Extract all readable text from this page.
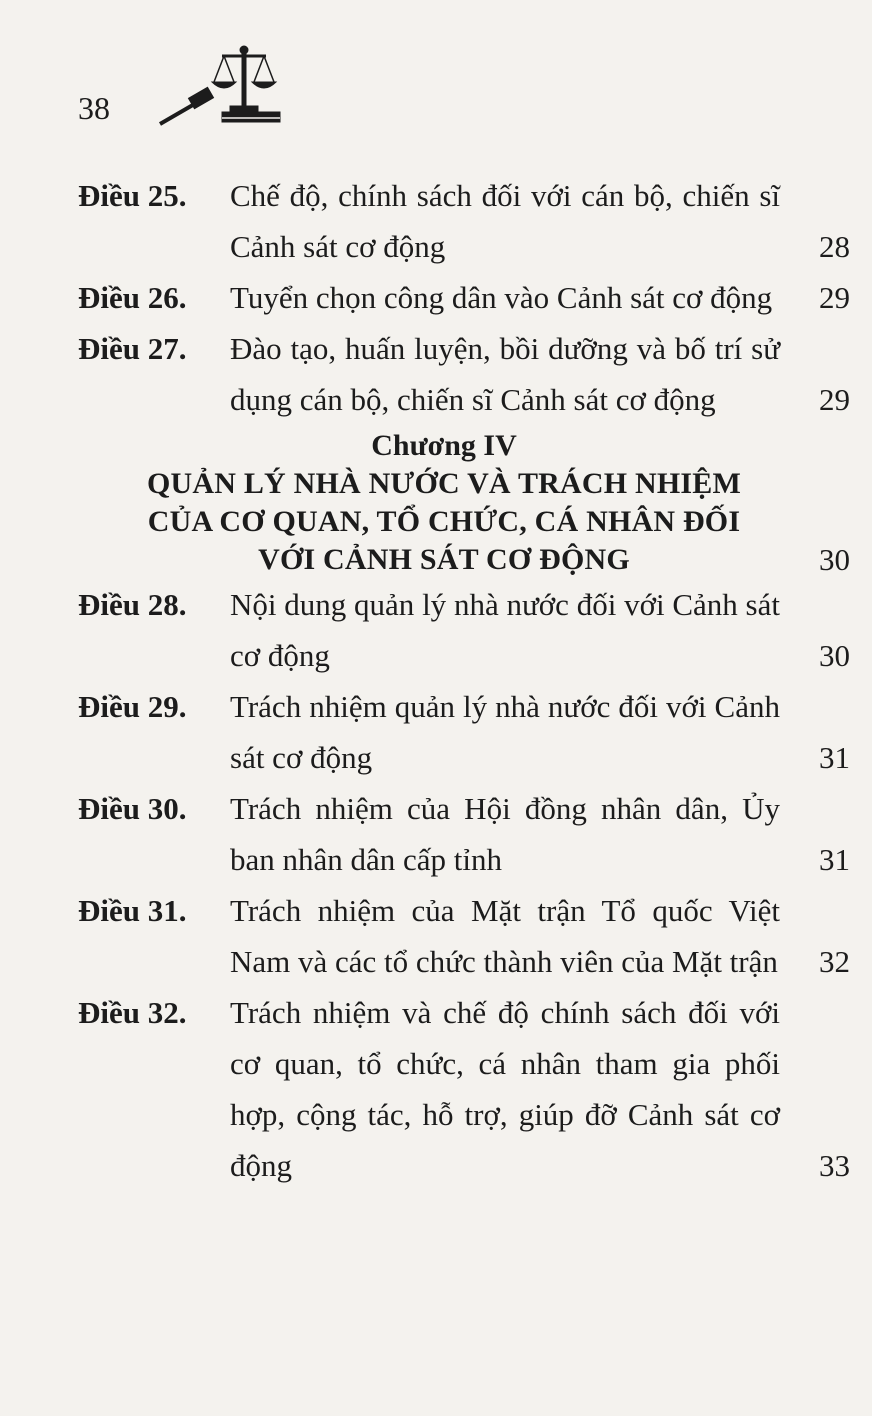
38
Điều 25.	Chế độ, chính sách đối với cán bộ, chiến sĩ Cảnh sát cơ động	28
Điều 26.	Tuyển chọn công dân vào Cảnh sát cơ động	29
Điều 27.	Đào tạo, huấn luyện, bồi dưỡng và bố trí sử dụng cán bộ, chiến sĩ Cảnh sát cơ động	29
Chương IV
QUẢN LÝ NHÀ NƯỚC VÀ TRÁCH NHIỆM
CỦA CƠ QUAN, TỔ CHỨC, CÁ NHÂN ĐỐI
VỚI CẢNH SÁT CƠ ĐỘNG	30
Điều 28.	Nội dung quản lý nhà nước đối với Cảnh sát cơ động	30
Điều 29.	Trách nhiệm quản lý nhà nước đối với Cảnh sát cơ động	31
Điều 30.	Trách nhiệm của Hội đồng nhân dân, Ủy ban nhân dân cấp tỉnh	31
Điều 31.	Trách nhiệm của Mặt trận Tổ quốc Việt Nam và các tổ chức thành viên của Mặt trận	32
Điều 32.	Trách nhiệm và chế độ chính sách đối với cơ quan, tổ chức, cá nhân tham gia phối hợp, cộng tác, hỗ trợ, giúp đỡ Cảnh sát cơ động	33
